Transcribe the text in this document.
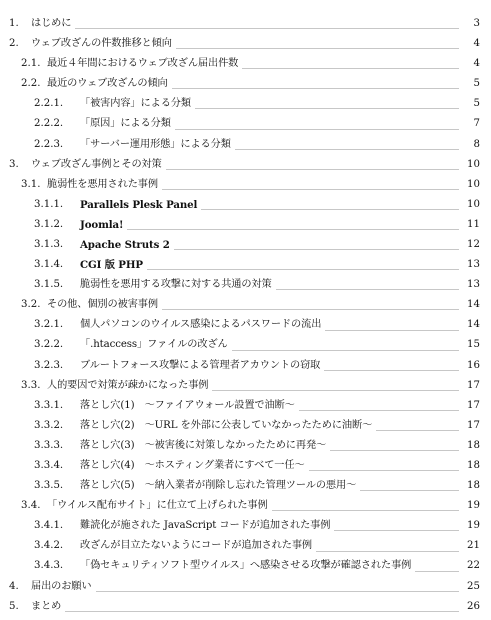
1.	はじめに	3
2.	ウェブ改ざんの件数推移と傾向	4
2.1. 最近４年間におけるウェブ改ざん届出件数	4
2.2. 最近のウェブ改ざんの傾向	5
2.2.1.	「被害内容」による分類	5
2.2.2.	「原因」による分類	7
2.2.3.	「サーバー運用形態」による分類	8
3.	ウェブ改ざん事例とその対策	10
3.1. 脆弱性を悪用された事例	10
3.1.1.	Parallels Plesk Panel	10
3.1.2.	Joomla!	11
3.1.3.	Apache Struts 2	12
3.1.4.	CGI 版 PHP	13
3.1.5.	脆弱性を悪用する攻撃に対する共通の対策	13
3.2. その他、個別の被害事例	14
3.2.1.	個人パソコンのウイルス感染によるパスワードの流出	14
3.2.2.	「.htaccess」ファイルの改ざん	15
3.2.3.	ブルートフォース攻撃による管理者アカウントの窃取	16
3.3. 人的要因で対策が疎かになった事例	17
3.3.1.	落とし穴(1)　～ファイアウォール設置で油断～	17
3.3.2.	落とし穴(2)　～URL を外部に公表していなかったために油断～	17
3.3.3.	落とし穴(3)　～被害後に対策しなかったために再発～	18
3.3.4.	落とし穴(4)　～ホスティング業者にすべて一任～	18
3.3.5.	落とし穴(5)　～納入業者が削除し忘れた管理ツールの悪用～	18
3.4. 「ウイルス配布サイト」に仕立て上げられた事例	19
3.4.1.	難読化が施された JavaScript コードが追加された事例	19
3.4.2.	改ざんが目立たないようにコードが追加された事例	21
3.4.3.	「偽セキュリティソフト型ウイルス」へ感染させる攻撃が確認された事例	22
4.	届出のお願い	25
5.	まとめ	26
